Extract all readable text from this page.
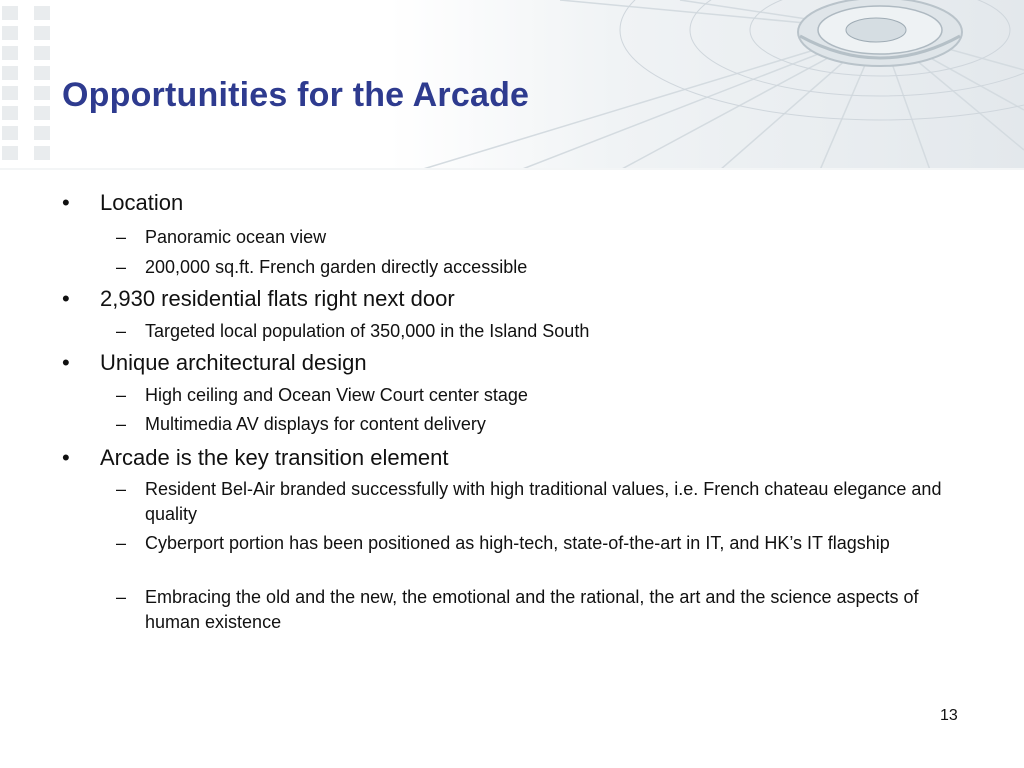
Opportunities for the Arcade
• Location
– Panoramic ocean view
– 200,000 sq.ft. French garden directly accessible
• 2,930 residential flats right next door
– Targeted local population of 350,000 in the Island South
• Unique architectural design
– High ceiling and Ocean View Court center stage
– Multimedia AV displays for content delivery
• Arcade is the key transition element
– Resident Bel-Air branded successfully with high traditional values, i.e. French chateau elegance and quality
– Cyberport portion has been positioned as high-tech, state-of-the-art in IT, and HK’s IT flagship
– Embracing the old and the new, the emotional and the rational, the art and the science aspects of human existence
13
